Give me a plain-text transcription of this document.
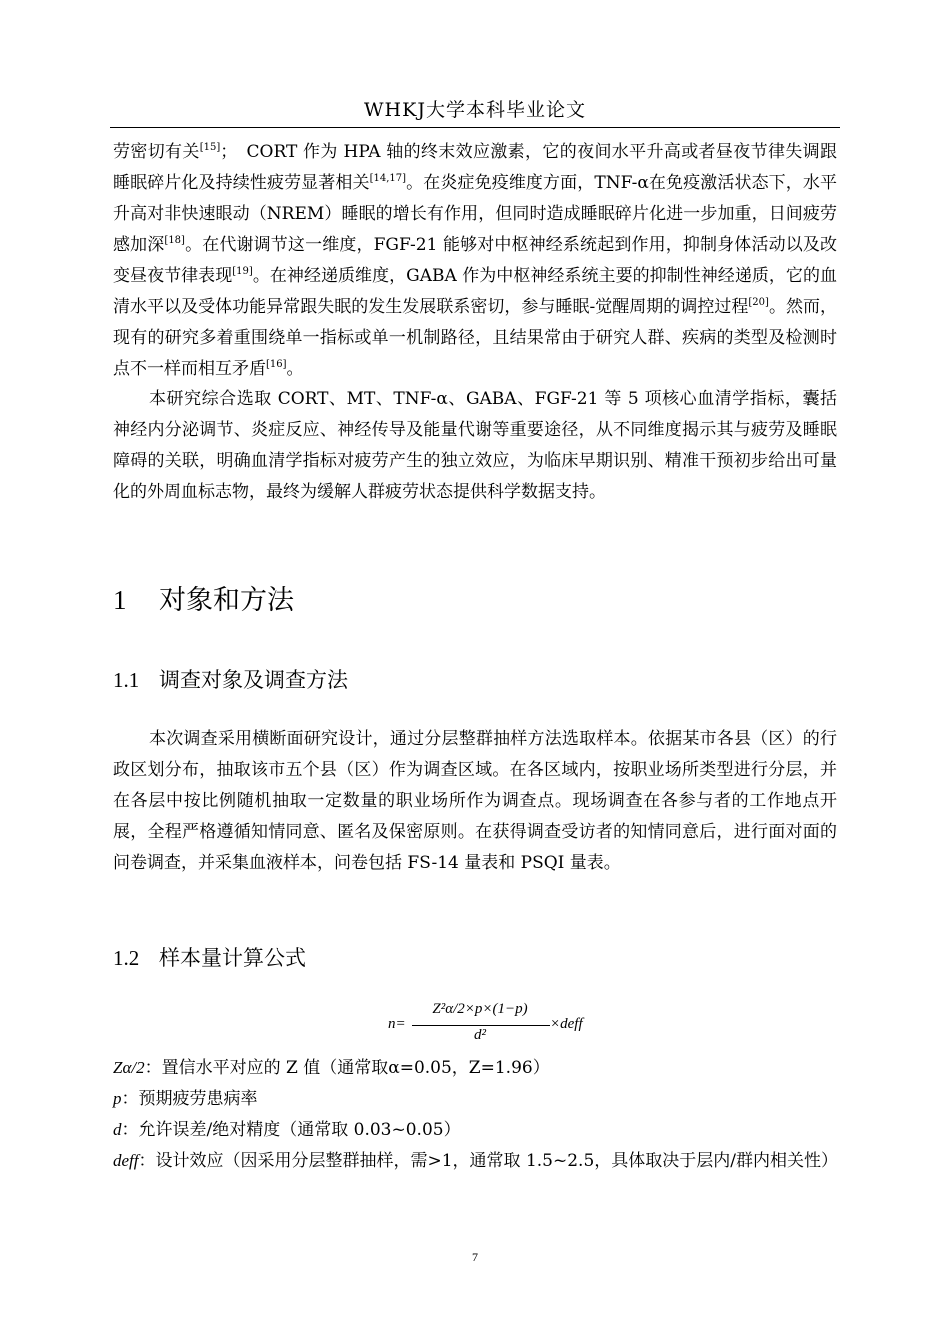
WHKJ大学本科毕业论文

劳密切有关[15]；　CORT 作为 HPA 轴的终末效应激素，它的夜间水平升高或者昼夜节律失调跟睡眠碎片化及持续性疲劳显著相关[14,17]。在炎症免疫维度方面，TNF-α在免疫激活状态下，水平升高对非快速眼动（NREM）睡眠的增长有作用，但同时造成睡眠碎片化进一步加重，日间疲劳感加深[18]。在代谢调节这一维度，FGF-21 能够对中枢神经系统起到作用，抑制身体活动以及改变昼夜节律表现[19]。在神经递质维度，GABA 作为中枢神经系统主要的抑制性神经递质，它的血清水平以及受体功能异常跟失眠的发生发展联系密切，参与睡眠-觉醒周期的调控过程[20]。然而，现有的研究多着重围绕单一指标或单一机制路径，且结果常由于研究人群、疾病的类型及检测时点不一样而相互矛盾[16]。

本研究综合选取 CORT、MT、TNF-α、GABA、FGF-21 等 5 项核心血清学指标，囊括神经内分泌调节、炎症反应、神经传导及能量代谢等重要途径，从不同维度揭示其与疲劳及睡眠障碍的关联，明确血清学指标对疲劳产生的独立效应，为临床早期识别、精准干预初步给出可量化的外周血标志物，最终为缓解人群疲劳状态提供科学数据支持。

1 对象和方法
1.1 调查对象及调查方法

本次调查采用横断面研究设计，通过分层整群抽样方法选取样本。依据某市各县（区）的行政区划分布，抽取该市五个县（区）作为调查区域。在各区域内，按职业场所类型进行分层，并在各层中按比例随机抽取一定数量的职业场所作为调查点。现场调查在各参与者的工作地点开展，全程严格遵循知情同意、匿名及保密原则。在获得调查受访者的知情同意后，进行面对面的问卷调查，并采集血液样本，问卷包括 FS-14 量表和 PSQI 量表。

1.2 样本量计算公式
n=
Z²α/2×p×(1−p)
d²
×deff

Zα/2：置信水平对应的 Z 值（通常取α=0.05，Z=1.96）

p：预期疲劳患病率

d：允许误差/绝对精度（通常取 0.03~0.05）

deff：设计效应（因采用分层整群抽样，需>1，通常取 1.5~2.5，具体取决于层内/群内相关性）

7
